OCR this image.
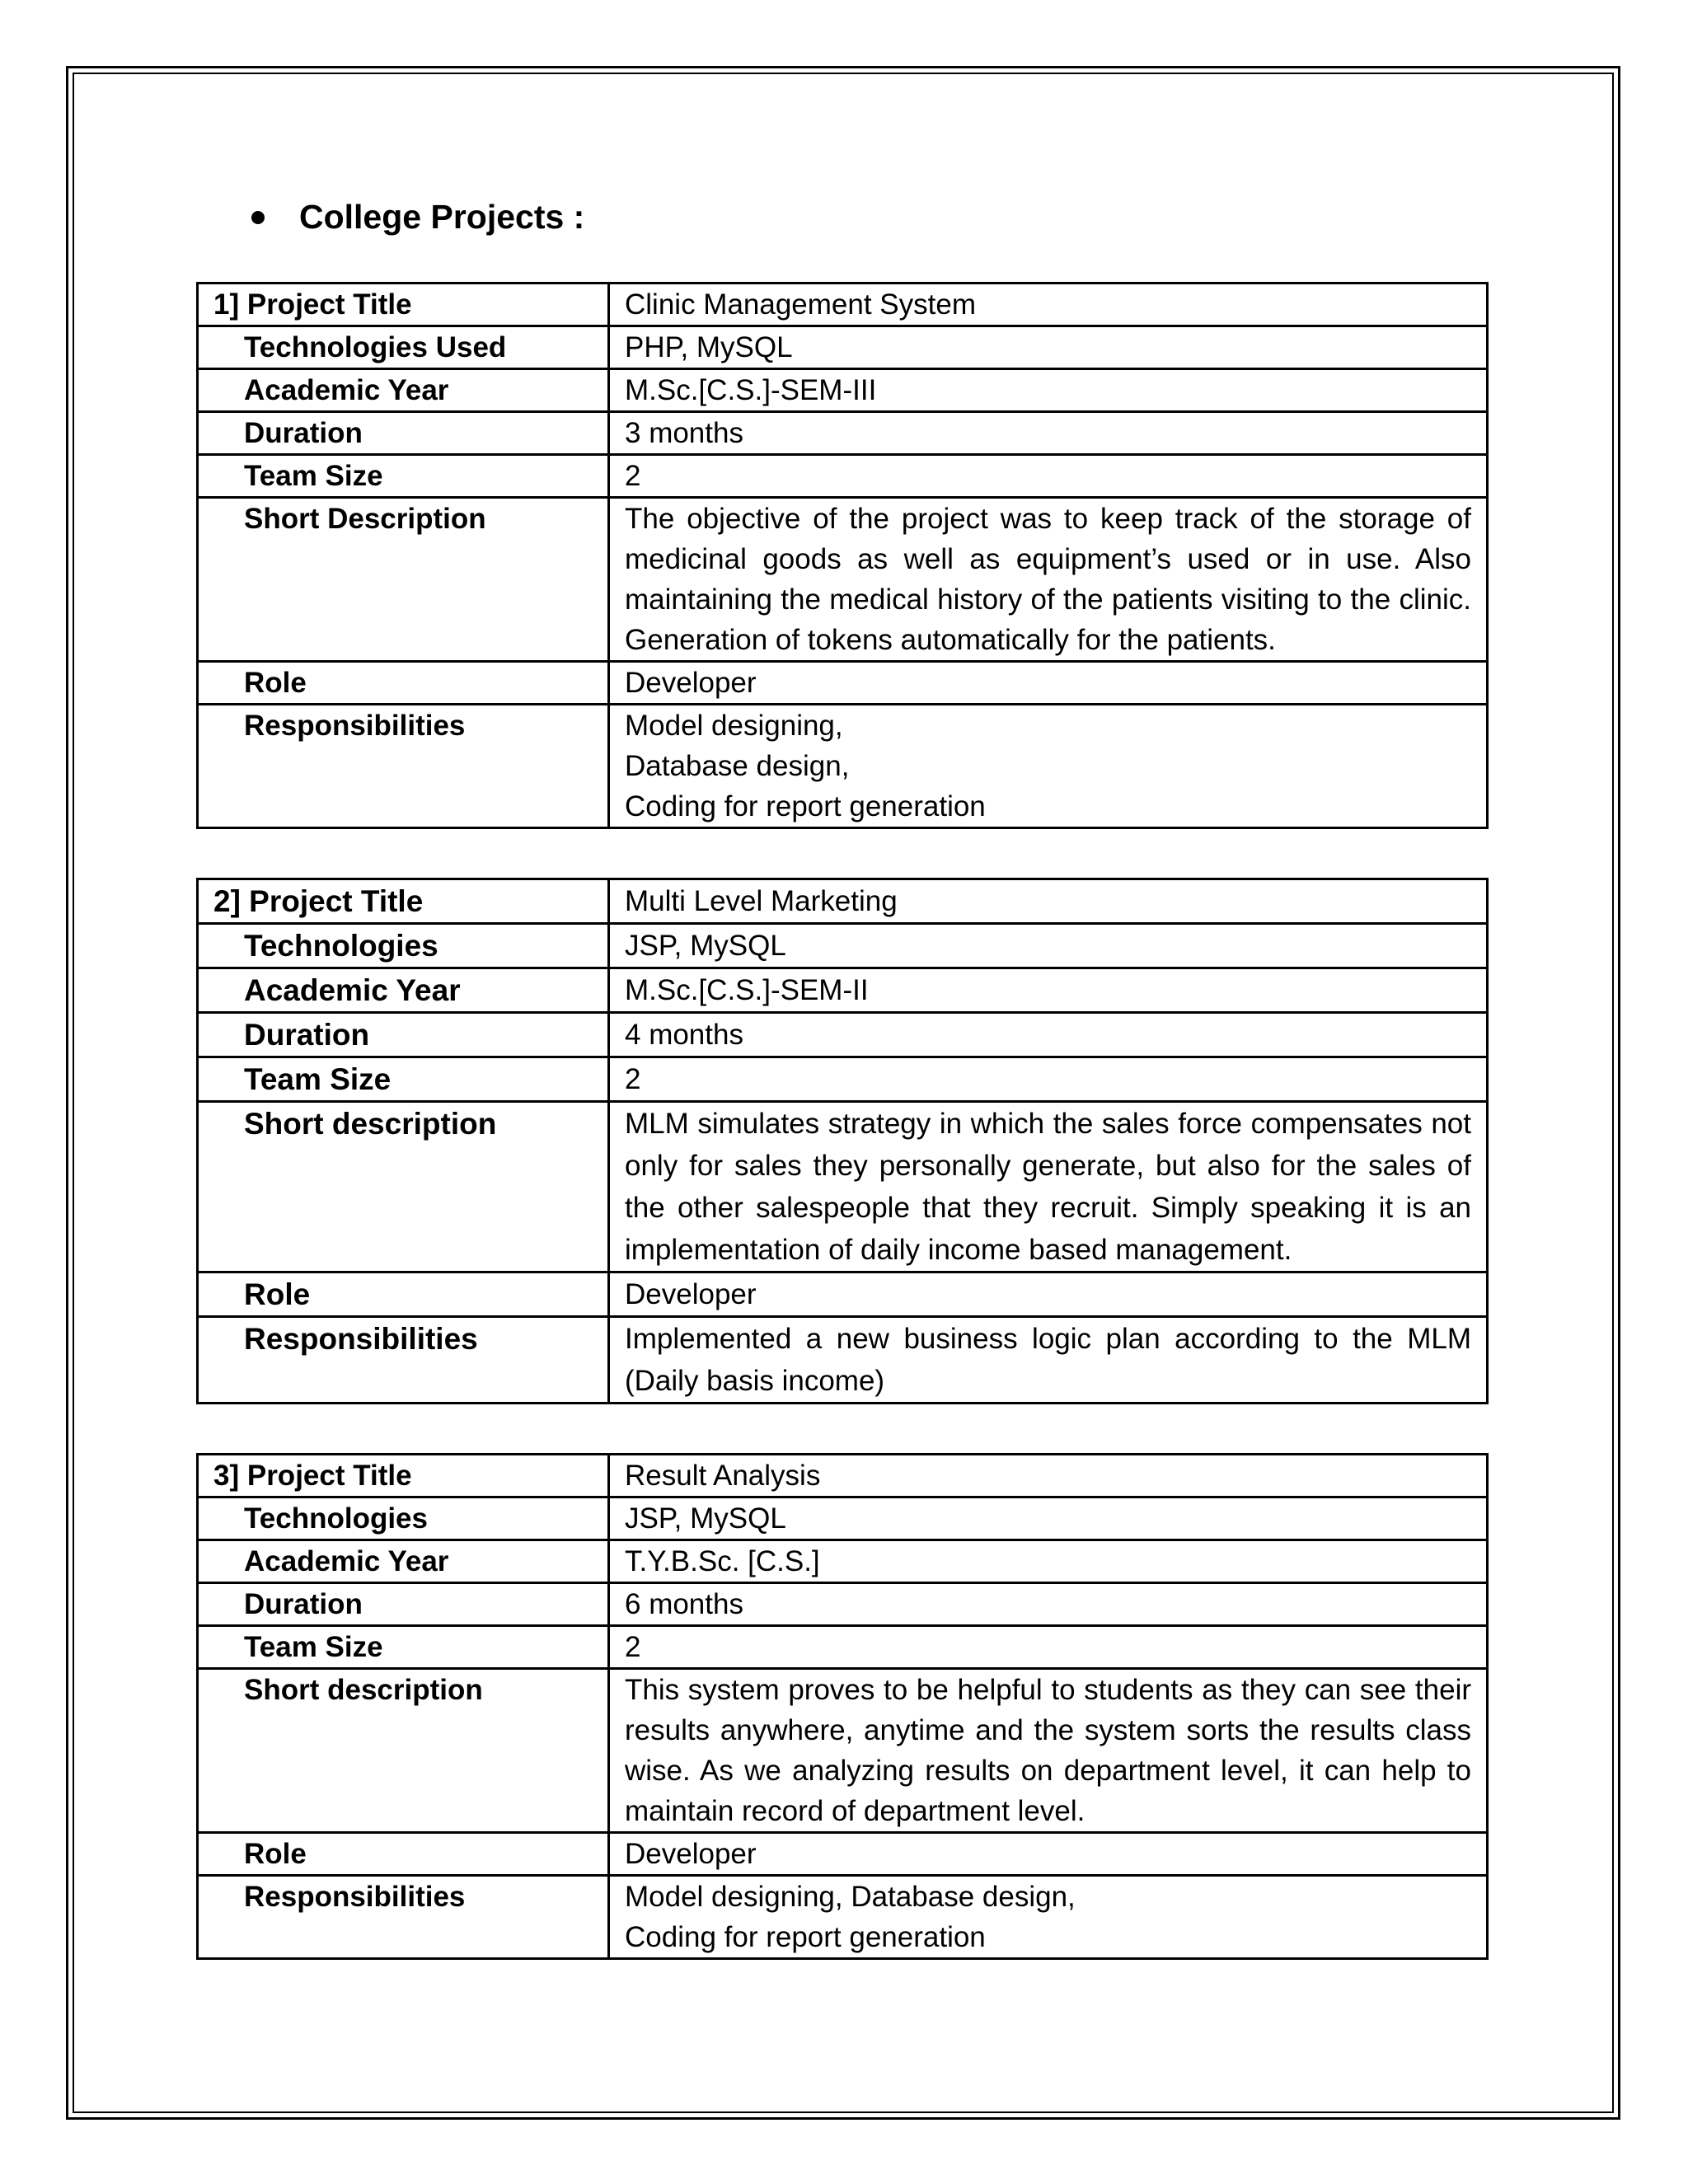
College Projects :
1] Project Title	Clinic Management System
Technologies Used	PHP, MySQL
Academic Year	M.Sc.[C.S.]-SEM-III
Duration	3 months
Team Size	2
Short Description	The objective of the project was to keep track of the storage of medicinal goods as well as equipment’s used or in use. Also maintaining the medical history of the patients visiting to the clinic. Generation of tokens automatically for the patients.
Role	Developer
Responsibilities	Model designing,
Database design,
Coding for report generation
2] Project Title	Multi Level Marketing
Technologies	JSP, MySQL
Academic Year	M.Sc.[C.S.]-SEM-II
Duration	4 months
Team Size	2
Short description	MLM simulates strategy in which the sales force compensates not only for sales they personally generate, but also for the sales of the other salespeople that they recruit. Simply speaking it is an implementation of daily income based management.
Role	Developer
Responsibilities	Implemented a new business logic plan according to the MLM (Daily basis income)
3] Project Title	Result Analysis
Technologies	JSP, MySQL
Academic Year	T.Y.B.Sc. [C.S.]
Duration	6 months
Team Size	2
Short description	This system proves to be helpful to students as they can see their results anywhere, anytime and the system sorts the results class wise. As we analyzing results on department level, it can help to maintain record of department level.
Role	Developer
Responsibilities	Model designing, Database design,
Coding for report generation
